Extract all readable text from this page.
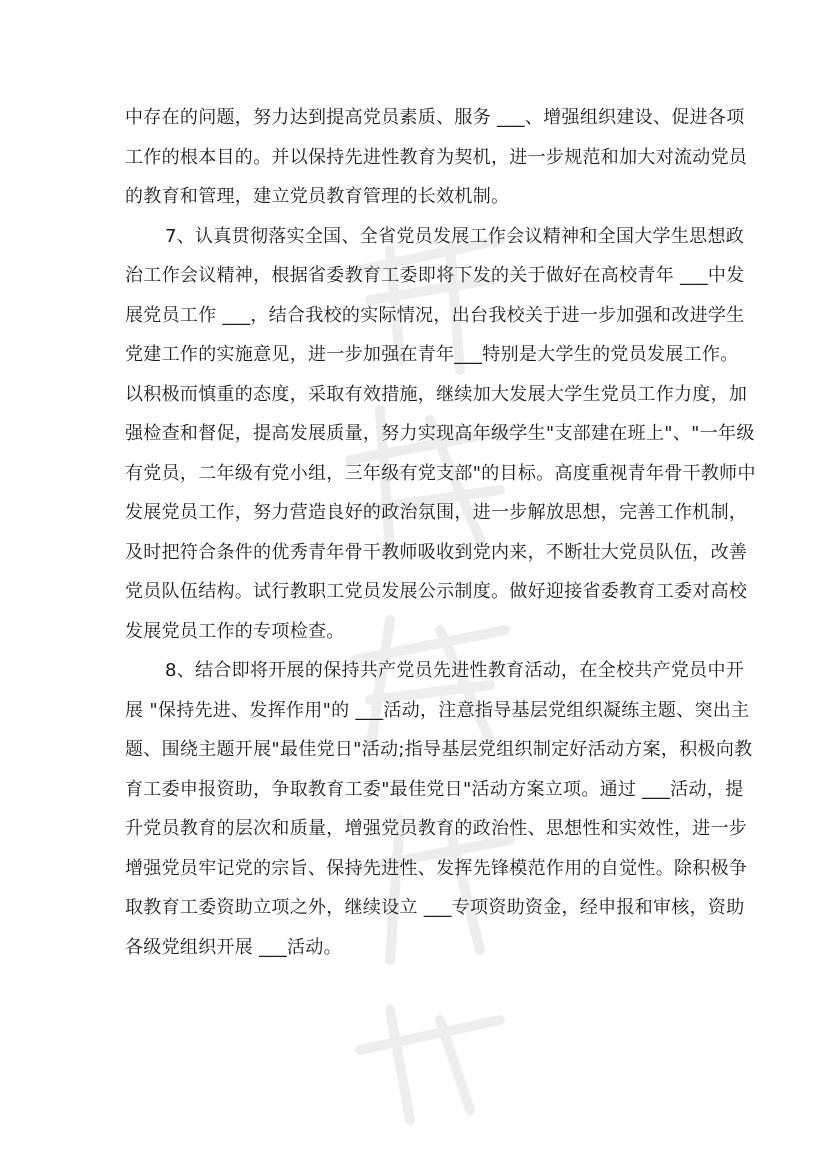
中存在的问题，努力达到提高党员素质、服务 ___、增强组织建设、促进各项
工作的根本目的。并以保持先进性教育为契机，进一步规范和加大对流动党员
的教育和管理，建立党员教育管理的长效机制。
7、认真贯彻落实全国、全省党员发展工作会议精神和全国大学生思想政
治工作会议精神，根据省委教育工委即将下发的关于做好在高校青年 ___中发
展党员工作 ___，结合我校的实际情况，出台我校关于进一步加强和改进学生
党建工作的实施意见，进一步加强在青年___特别是大学生的党员发展工作。
以积极而慎重的态度，采取有效措施，继续加大发展大学生党员工作力度，加
强检查和督促，提高发展质量，努力实现高年级学生"支部建在班上"、"一年级
有党员，二年级有党小组，三年级有党支部"的目标。高度重视青年骨干教师中
发展党员工作，努力营造良好的政治氛围，进一步解放思想，完善工作机制，
及时把符合条件的优秀青年骨干教师吸收到党内来，不断壮大党员队伍，改善
党员队伍结构。试行教职工党员发展公示制度。做好迎接省委教育工委对高校
发展党员工作的专项检查。
8、结合即将开展的保持共产党员先进性教育活动，在全校共产党员中开
展 "保持先进、发挥作用"的 ___活动，注意指导基层党组织凝练主题、突出主
题、围绕主题开展"最佳党日"活动;指导基层党组织制定好活动方案，积极向教
育工委申报资助，争取教育工委"最佳党日"活动方案立项。通过 ___活动，提
升党员教育的层次和质量，增强党员教育的政治性、思想性和实效性，进一步
增强党员牢记党的宗旨、保持先进性、发挥先锋模范作用的自觉性。除积极争
取教育工委资助立项之外，继续设立 ___专项资助资金，经申报和审核，资助
各级党组织开展 ___活动。
